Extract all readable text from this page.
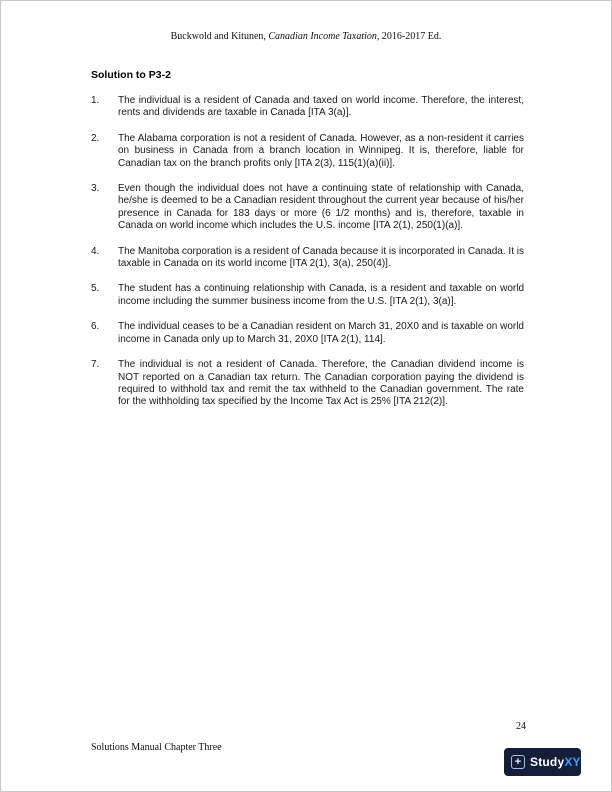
Buckwold and Kitunen, Canadian Income Taxation, 2016-2017 Ed.
Solution to P3-2
1.	The individual is a resident of Canada and taxed on world income. Therefore, the interest, rents and dividends are taxable in Canada [ITA 3(a)].
2.	The Alabama corporation is not a resident of Canada. However, as a non-resident it carries on business in Canada from a branch location in Winnipeg. It is, therefore, liable for Canadian tax on the branch profits only [ITA 2(3), 115(1)(a)(ii)].
3.	Even though the individual does not have a continuing state of relationship with Canada, he/she is deemed to be a Canadian resident throughout the current year because of his/her presence in Canada for 183 days or more (6 1/2 months) and is, therefore, taxable in Canada on world income which includes the U.S. income [ITA 2(1), 250(1)(a)].
4.	The Manitoba corporation is a resident of Canada because it is incorporated in Canada. It is taxable in Canada on its world income [ITA 2(1), 3(a), 250(4)].
5.	The student has a continuing relationship with Canada, is a resident and taxable on world income including the summer business income from the U.S. [ITA 2(1), 3(a)].
6.	The individual ceases to be a Canadian resident on March 31, 20X0 and is taxable on world income in Canada only up to March 31, 20X0 [ITA 2(1), 114].
7.	The individual is not a resident of Canada. Therefore, the Canadian dividend income is NOT reported on a Canadian tax return. The Canadian corporation paying the dividend is required to withhold tax and remit the tax withheld to the Canadian government. The rate for the withholding tax specified by the Income Tax Act is 25% [ITA 212(2)].
24
Solutions Manual Chapter Three
+ StudyXY
